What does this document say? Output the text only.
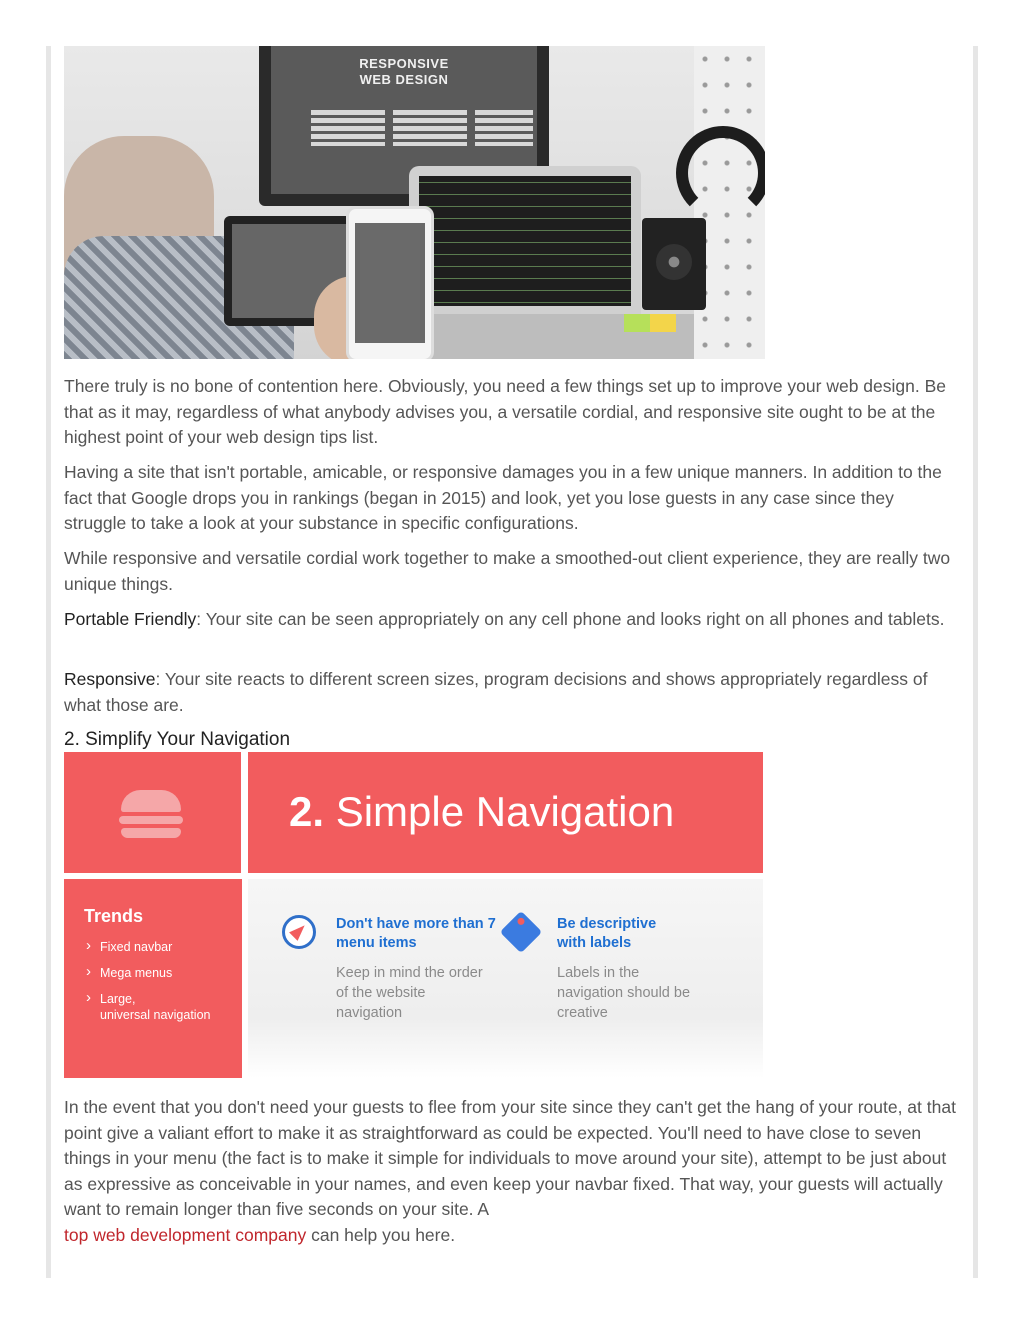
RESPONSIVE
WEB DESIGN

There truly is no bone of contention here. Obviously, you need a few things set up to improve your web design. Be that as it may, regardless of what anybody advises you, a versatile cordial, and responsive site ought to be at the highest point of your web design tips list.

Having a site that isn't portable, amicable, or responsive damages you in a few unique manners. In addition to the fact that Google drops you in rankings (began in 2015) and look, yet you lose guests in any case since they struggle to take a look at your substance in specific configurations.

While responsive and versatile cordial work together to make a smoothed-out client experience, they are really two unique things.

Portable Friendly: Your site can be seen appropriately on any cell phone and looks right on all phones and tablets.

Responsive: Your site reacts to different screen sizes, program decisions and shows appropriately regardless of what those are.

2. Simplify Your Navigation
2. Simple Navigation
Trends
› Fixed navbar
› Mega menus
› Large,
universal navigation
Don't have more than 7 menu items
Keep in mind the order of the website navigation
Be descriptive with labels
Labels in the navigation should be creative

In the event that you don't need your guests to flee from your site since they can't get the hang of your route, at that point give a valiant effort to make it as straightforward as could be expected. You'll need to have close to seven things in your menu (the fact is to make it simple for individuals to move around your site), attempt to be just about as expressive as conceivable in your names, and even keep your navbar fixed. That way, your guests will actually want to remain longer than five seconds on your site. A
top web development company can help you here.
